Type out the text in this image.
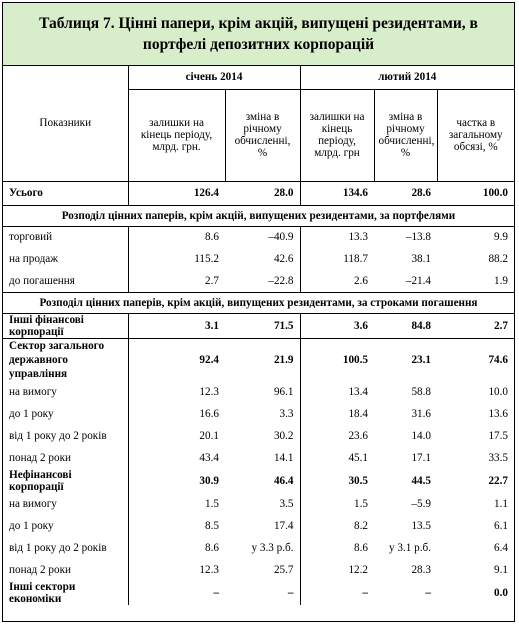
Таблиця 7. Цінні папери, крім акцій, випущені резидентами, в портфелі депозитних корпорацій
Показники	січень 2014		лютий 2014		
	залишки на кінець періоду, млрд. грн.	зміна в річному обчисленні, %	залишки на кінець періоду, млрд. грн	зміна в річному обчисленні, %	частка в загальному обсязі, %
Усього	126.4	28.0	134.6	28.6	100.0
Розподіл цінних паперів, крім акцій, випущених резидентами, за портфелями					
торговий	8.6	–40.9	13.3	–13.8	9.9
на продаж	115.2	42.6	118.7	38.1	88.2
до погашення	2.7	–22.8	2.6	–21.4	1.9
Розподіл цінних паперів, крім акцій, випущених резидентами, за строками погашення					
Інші фінансові корпорації	3.1	71.5	3.6	84.8	2.7
Сектор загального державного управління	92.4	21.9	100.5	23.1	74.6
на вимогу	12.3	96.1	13.4	58.8	10.0
до 1 року	16.6	3.3	18.4	31.6	13.6
від 1 року до 2 років	20.1	30.2	23.6	14.0	17.5
понад 2 роки	43.4	14.1	45.1	17.1	33.5
Нефінансові корпорації	30.9	46.4	30.5	44.5	22.7
на вимогу	1.5	3.5	1.5	–5.9	1.1
до 1 року	8.5	17.4	8.2	13.5	6.1
від 1 року до 2 років	8.6	у 3.3 р.б.	8.6	у 3.1 р.б.	6.4
понад 2 роки	12.3	25.7	12.2	28.3	9.1
Інші сектори економіки	–	–	–	–	0.0
